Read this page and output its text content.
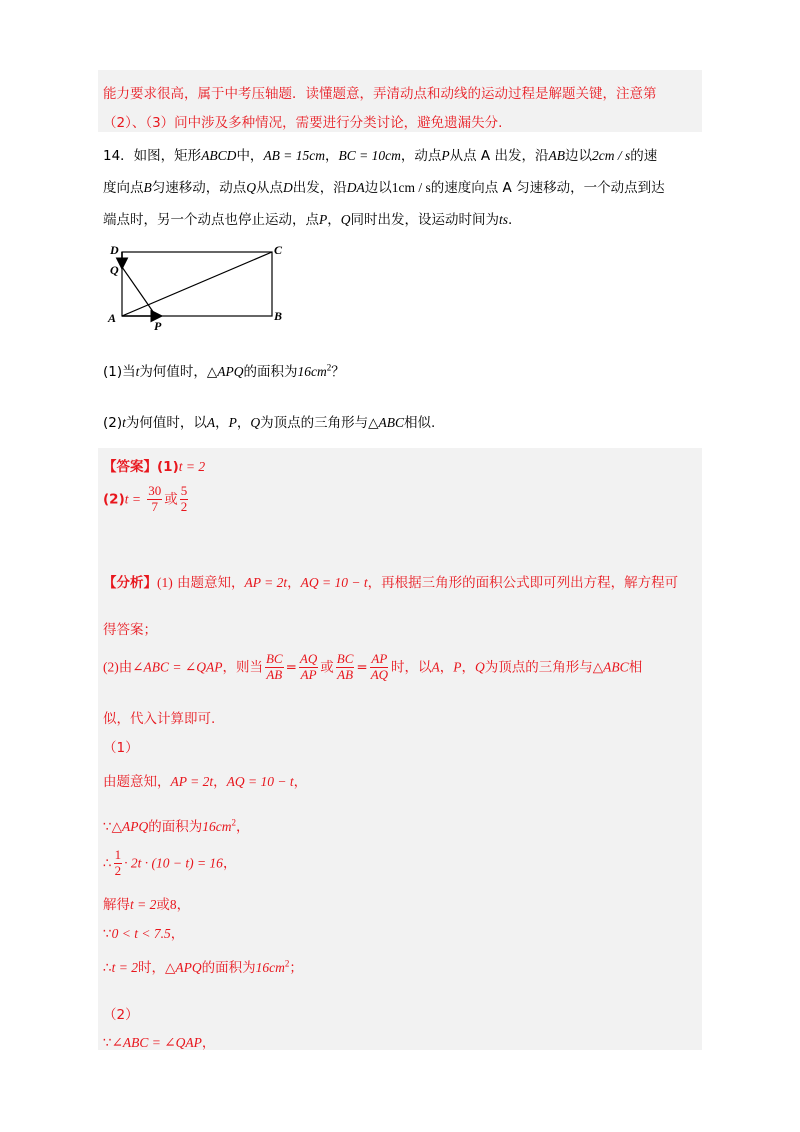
能力要求很高，属于中考压轴题．读懂题意，弄清动点和动线的运动过程是解题关键，注意第
（2）、（3）问中涉及多种情况，需要进行分类讨论，避免遗漏失分.
14．如图，矩形ABCD中，AB = 15cm，BC = 10cm，动点P从点 A 出发，沿AB边以2cm / s的速
度向点B匀速移动，动点Q从点D出发，沿DA边以1cm / s的速度向点 A 匀速移动，一个动点到达
端点时，另一个动点也停止运动，点P，Q同时出发，设运动时间为ts.
D	C
Q
A
P
B
(1)当t为何值时，△APQ的面积为$16cm^2$？
(2)t为何值时，以A，P，Q为顶点的三角形与△ABC相似.
【答案】(1)t = 2
$(2)t = \frac{30}{7}$ 或 $\frac{5}{2}$
【分析】(1) 由题意知，AP = 2t，AQ = 10 − t，再根据三角形的面积公式即可列出方程，解方程可
得答案；
(2)由∠ABC = ∠QAP，则当 $\frac{BC}{AB} = \frac{AQ}{AP}$ 或 $\frac{BC}{AB} = \frac{AP}{AQ}$ 时，以A，P，Q为顶点的三角形与△ABC相
似，代入计算即可.
（1）
由题意知，AP = 2t，AQ = 10 − t，
∵△APQ的面积为$16cm^2$，
∴ $\frac{1}{2} \cdot 2t \cdot (10 - t) = 16$，
解得t = 2或8，
∵0 < t < 7.5，
∴t = 2时，△APQ的面积为$16cm^2$；
（2）
∵∠ABC = ∠QAP，
